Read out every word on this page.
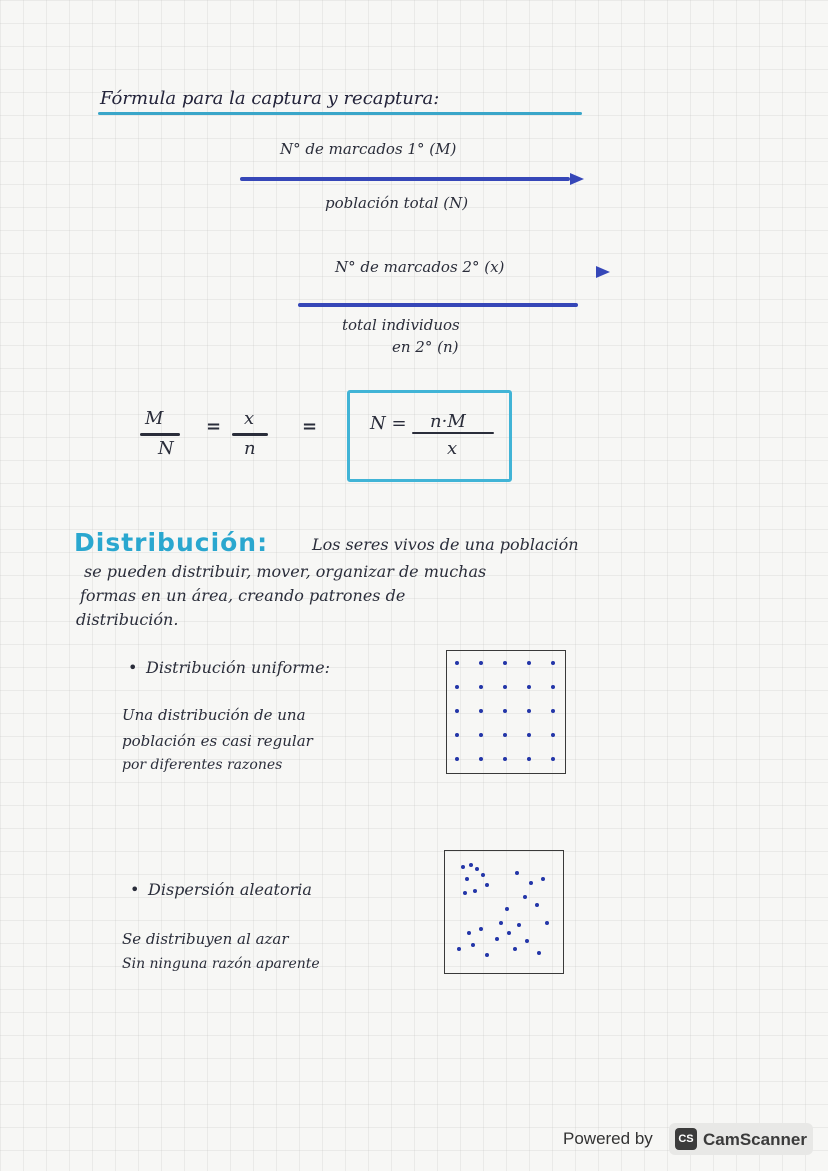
Fórmula para la captura y recaptura:
N° de marcados 1° (M)
población total (N)
N° de marcados 2° (x)
total individuos
en 2° (n)
M
N
= x
n
=	N = n·M
x
Distribución:	Los seres vivos de una población
se pueden distribuir, mover, organizar de muchas
formas en un área, creando patrones de
distribución.
• Distribución uniforme:
Una distribución de una
población es casi regular
por diferentes razones
• Dispersión aleatoria
Se distribuyen al azar
Sin ninguna razón aparente
Powered by	CS CamScanner
